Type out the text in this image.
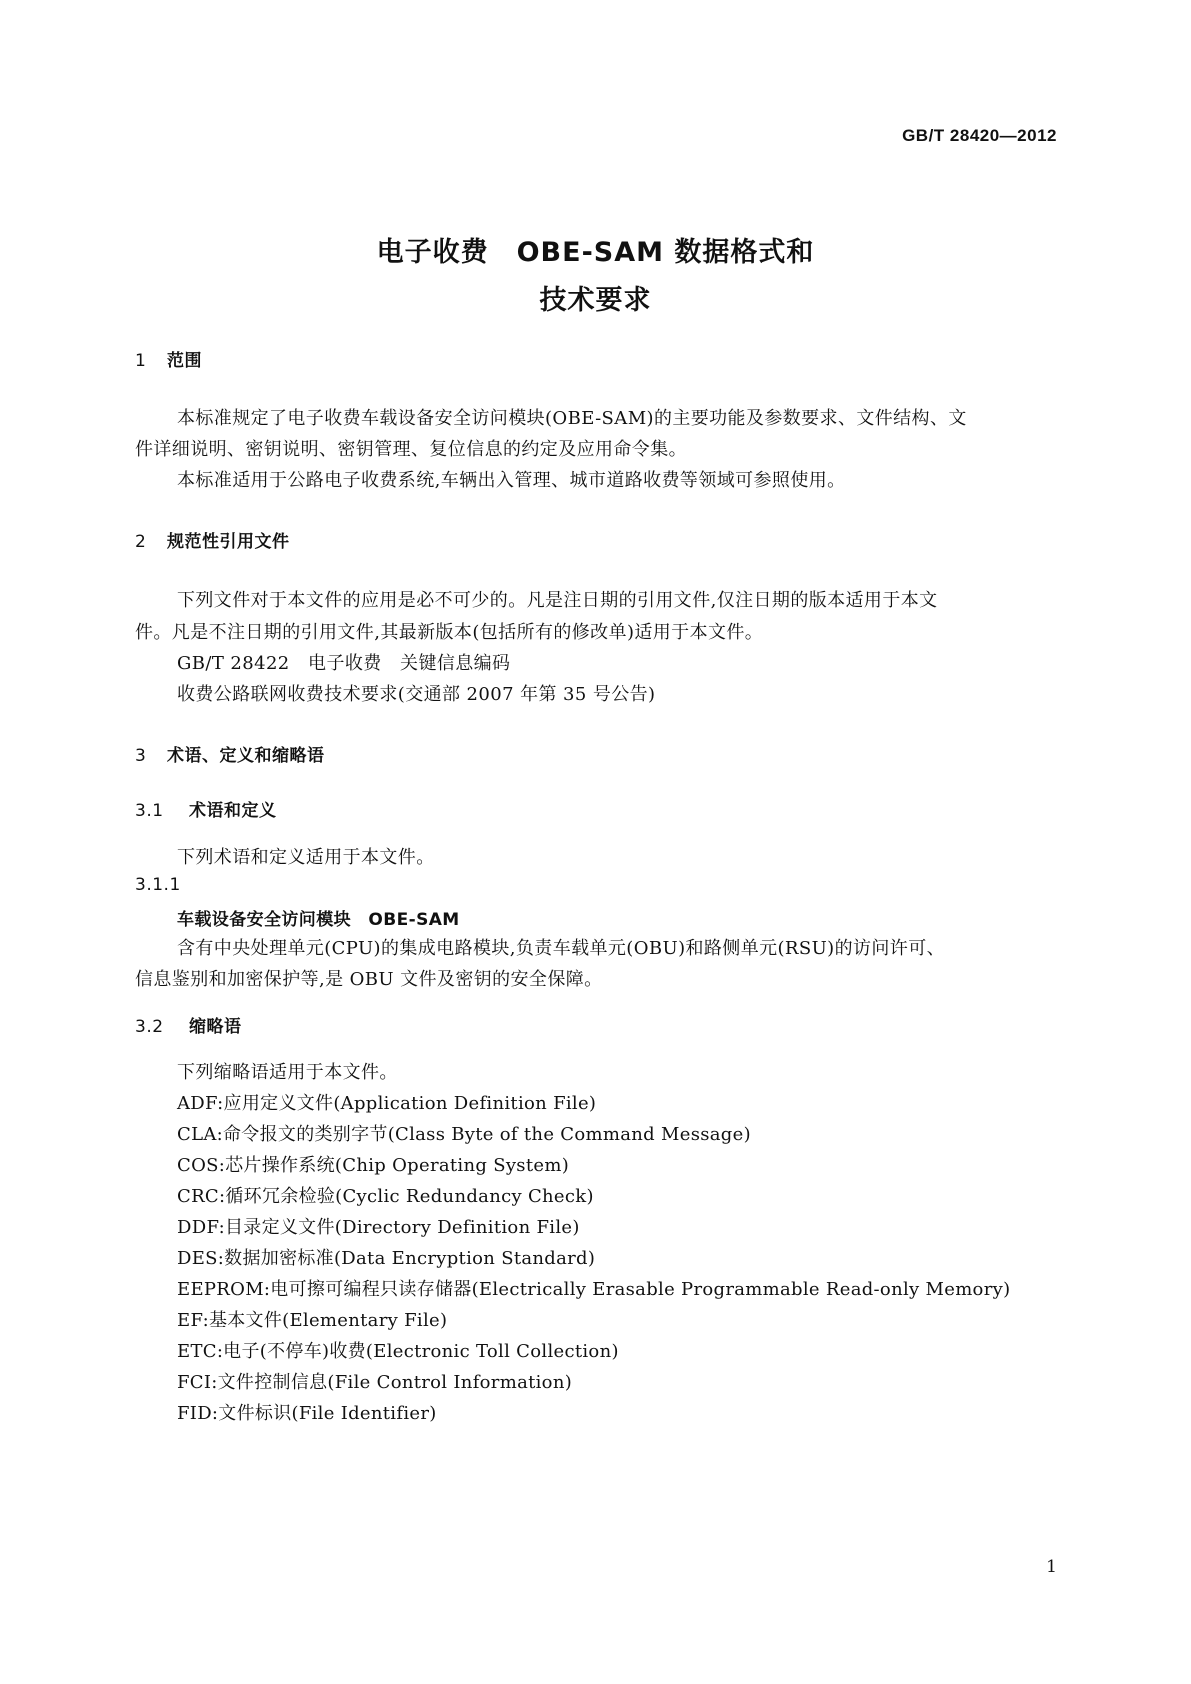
GB/T 28420—2012
电子收费　OBE-SAM 数据格式和
技术要求
1 范围
本标准规定了电子收费车载设备安全访问模块(OBE-SAM)的主要功能及参数要求、文件结构、文
件详细说明、密钥说明、密钥管理、复位信息的约定及应用命令集。
本标准适用于公路电子收费系统,车辆出入管理、城市道路收费等领域可参照使用。
2 规范性引用文件
下列文件对于本文件的应用是必不可少的。凡是注日期的引用文件,仅注日期的版本适用于本文
件。凡是不注日期的引用文件,其最新版本(包括所有的修改单)适用于本文件。
GB/T 28422　电子收费　关键信息编码
收费公路联网收费技术要求(交通部 2007 年第 35 号公告)
3 术语、定义和缩略语
3.1 术语和定义
下列术语和定义适用于本文件。
3.1.1
车载设备安全访问模块　OBE-SAM
含有中央处理单元(CPU)的集成电路模块,负责车载单元(OBU)和路侧单元(RSU)的访问许可、
信息鉴别和加密保护等,是 OBU 文件及密钥的安全保障。
3.2 缩略语
下列缩略语适用于本文件。
ADF:应用定义文件(Application Definition File)
CLA:命令报文的类别字节(Class Byte of the Command Message)
COS:芯片操作系统(Chip Operating System)
CRC:循环冗余检验(Cyclic Redundancy Check)
DDF:目录定义文件(Directory Definition File)
DES:数据加密标准(Data Encryption Standard)
EEPROM:电可擦可编程只读存储器(Electrically Erasable Programmable Read-only Memory)
EF:基本文件(Elementary File)
ETC:电子(不停车)收费(Electronic Toll Collection)
FCI:文件控制信息(File Control Information)
FID:文件标识(File Identifier)
1
